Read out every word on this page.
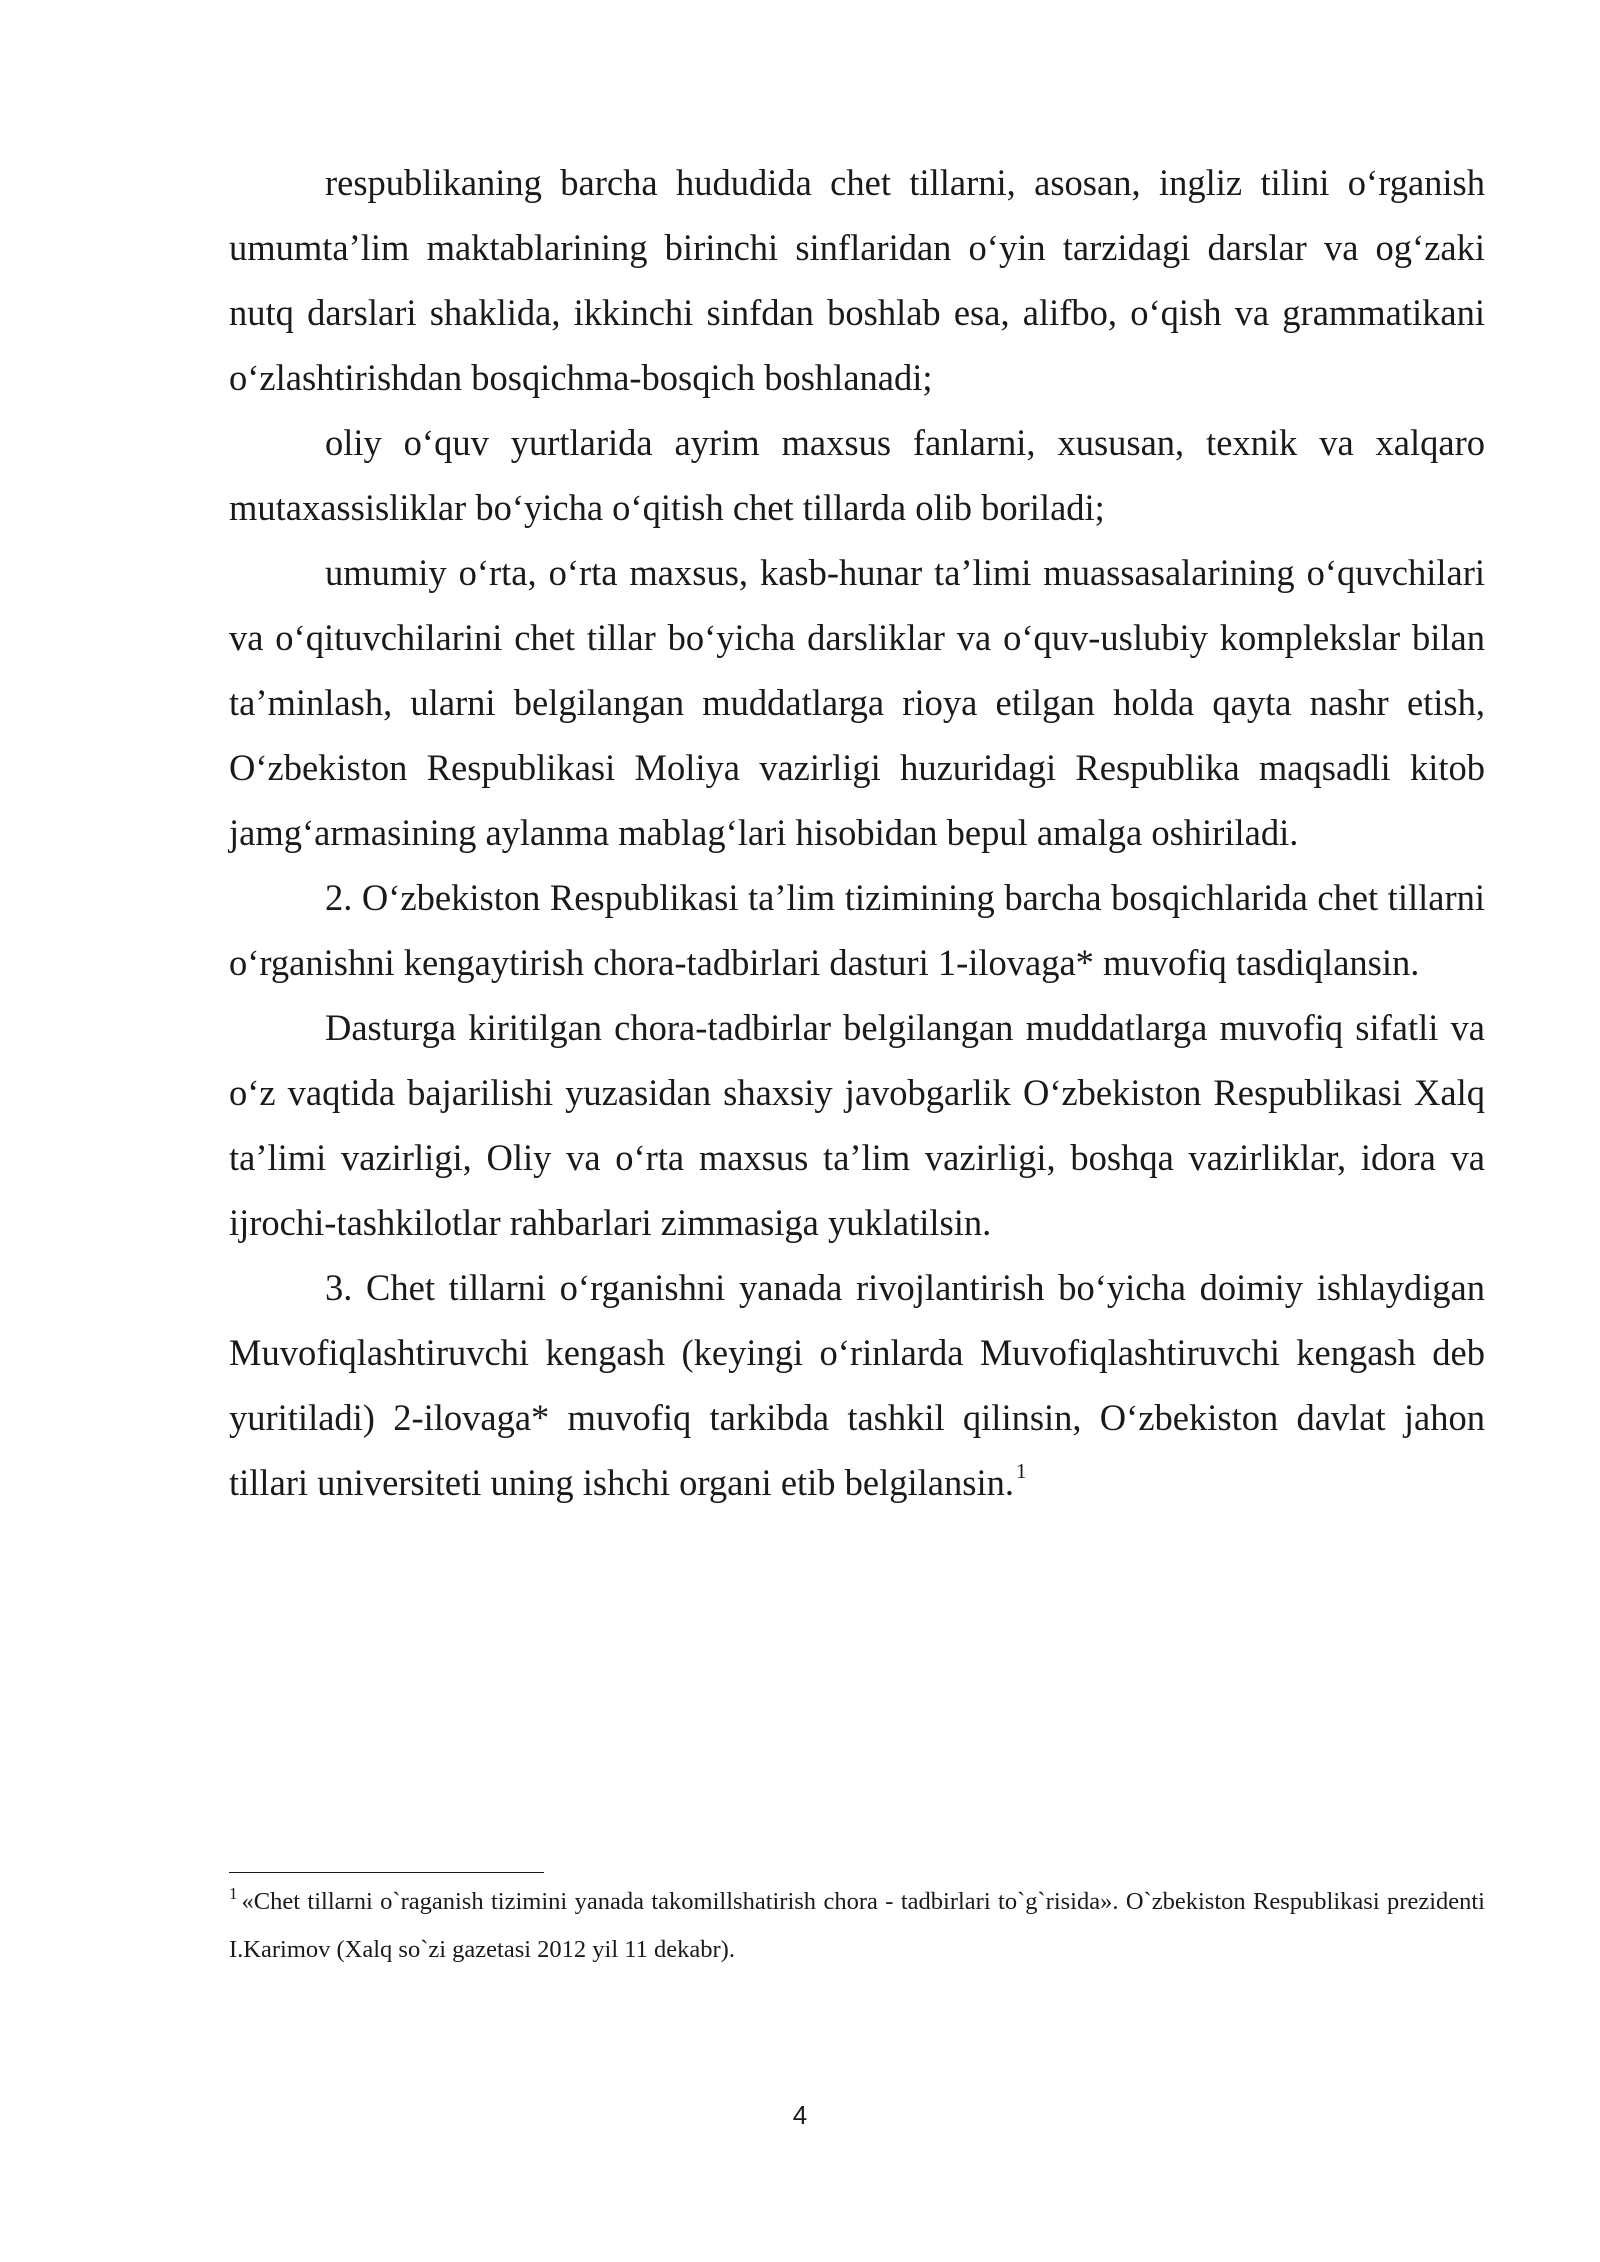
respublikaning barcha hududida chet tillarni, asosan, ingliz tilini o‘rganish umumta’lim maktablarining birinchi sinflaridan o‘yin tarzidagi darslar va og‘zaki nutq darslari shaklida, ikkinchi sinfdan boshlab esa, alifbo, o‘qish va grammatikani o‘zlashtirishdan bosqichma-bosqich boshlanadi;

oliy o‘quv yurtlarida ayrim maxsus fanlarni, xususan, texnik va xalqaro mutaxassisliklar bo‘yicha o‘qitish chet tillarda olib boriladi;

umumiy o‘rta, o‘rta maxsus, kasb-hunar ta’limi muassasalarining o‘quvchilari va o‘qituvchilarini chet tillar bo‘yicha darsliklar va o‘quv-uslubiy komplekslar bilan ta’minlash, ularni belgilangan muddatlarga rioya etilgan holda qayta nashr etish, O‘zbekiston Respublikasi Moliya vazirligi huzuridagi Respublika maqsadli kitob jamg‘armasining aylanma mablag‘lari hisobidan bepul amalga oshiriladi.

2. O‘zbekiston Respublikasi ta’lim tizimining barcha bosqichlarida chet tillarni o‘rganishni kengaytirish chora-tadbirlari dasturi 1-ilovaga* muvofiq tasdiqlansin.

Dasturga kiritilgan chora-tadbirlar belgilangan muddatlarga muvofiq sifatli va o‘z vaqtida bajarilishi yuzasidan shaxsiy javobgarlik O‘zbekiston Respublikasi Xalq ta’limi vazirligi, Oliy va o‘rta maxsus ta’lim vazirligi, boshqa vazirliklar, idora va ijrochi-tashkilotlar rahbarlari zimmasiga yuklatilsin.

3. Chet tillarni o‘rganishni yanada rivojlantirish bo‘yicha doimiy ishlaydigan Muvofiqlashtiruvchi kengash (keyingi o‘rinlarda Muvofiqlashtiruvchi kengash deb yuritiladi) 2-ilovaga* muvofiq tarkibda tashkil qilinsin, O‘zbekiston davlat jahon tillari universiteti uning ishchi organi etib belgilansin.$^1$

$^1$ «Chet tillarni o`raganish tizimini yanada takomillshatirish chora - tadbirlari to`g`risida». O`zbekiston Respublikasi prezidenti I.Karimov (Xalq so`zi gazetasi 2012 yil 11 dekabr).

4
